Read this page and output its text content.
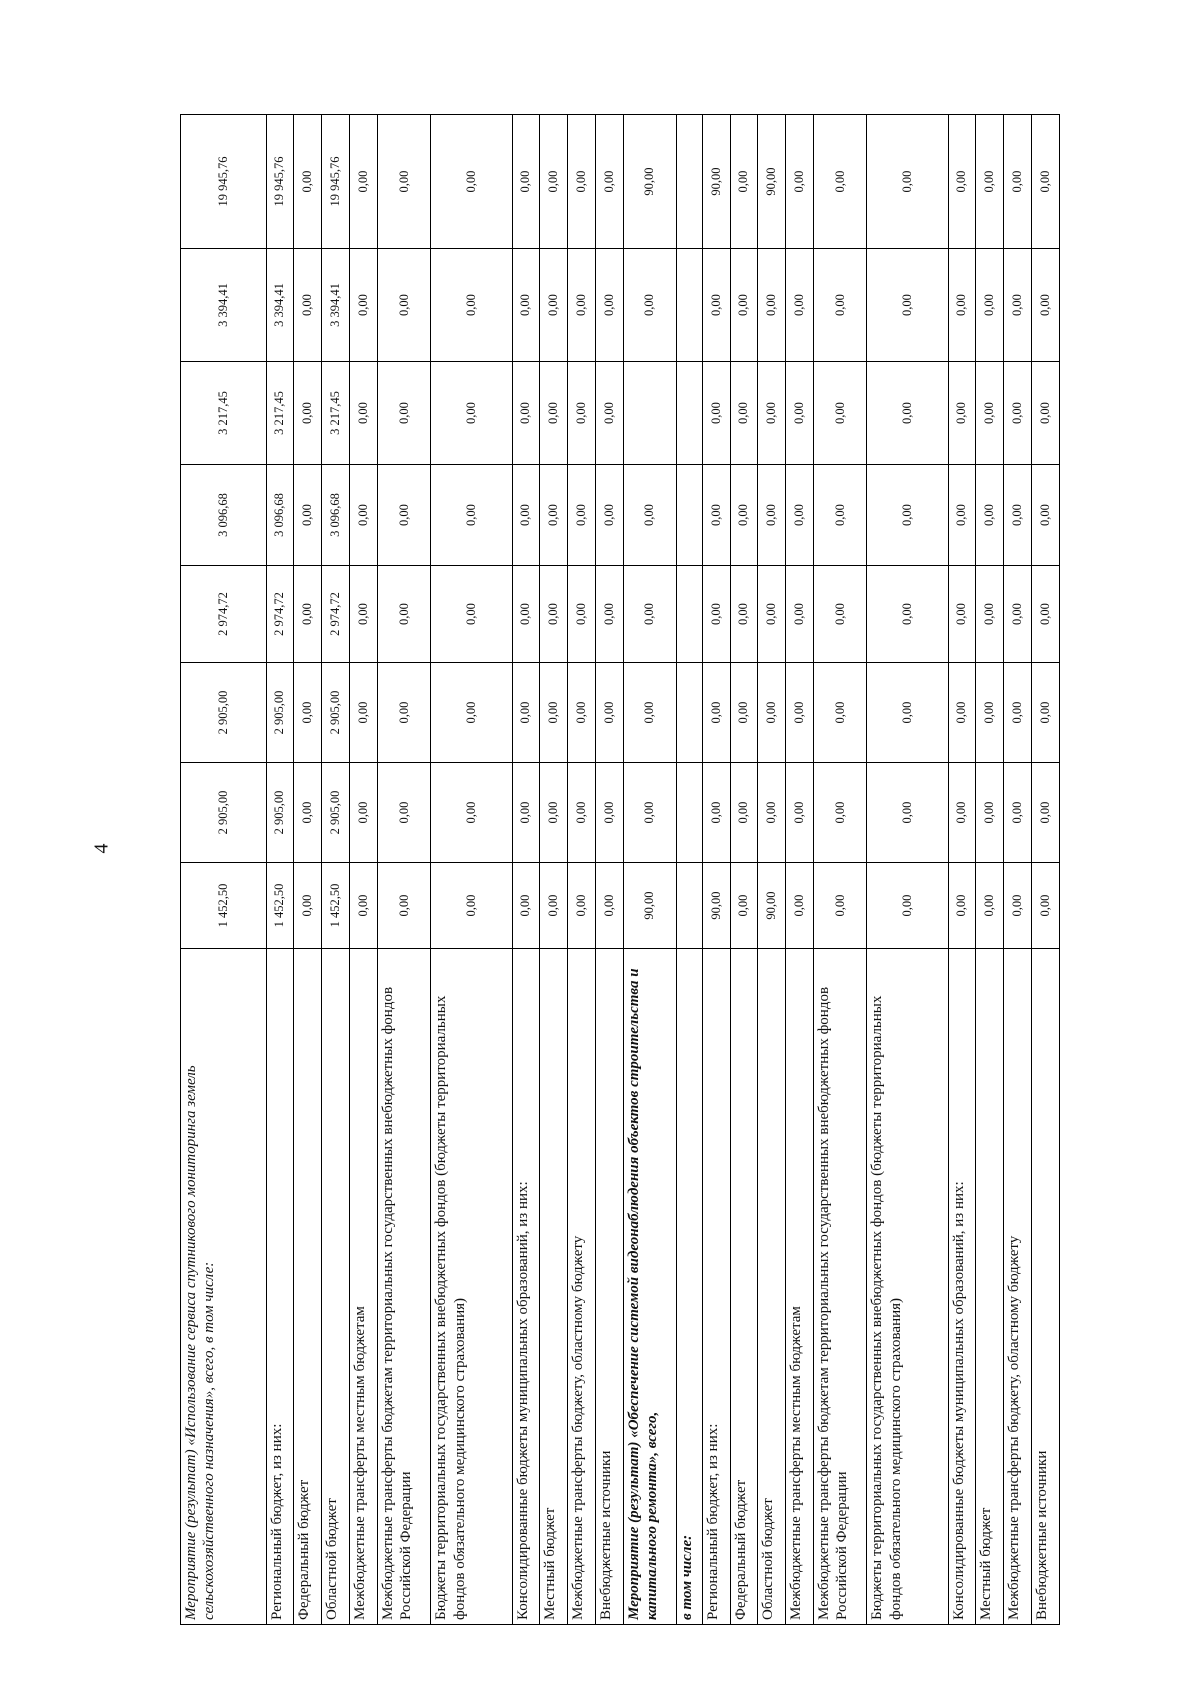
4
Мероприятие (результат) «Использование сервиса спутникового мониторинга земель сельскохозяйственного назначения», всего, в том числе:	1 452,50	2 905,00	2 905,00	2 974,72	3 096,68	3 217,45	3 394,41	19 945,76
Региональный бюджет, из них:	1 452,50	2 905,00	2 905,00	2 974,72	3 096,68	3 217,45	3 394,41	19 945,76
Федеральный бюджет	0,00	0,00	0,00	0,00	0,00	0,00	0,00	0,00
Областной бюджет	1 452,50	2 905,00	2 905,00	2 974,72	3 096,68	3 217,45	3 394,41	19 945,76
Межбюджетные трансферты местным бюджетам	0,00	0,00	0,00	0,00	0,00	0,00	0,00	0,00
Межбюджетные трансферты бюджетам территориальных государственных внебюджетных фондов Российской Федерации	0,00	0,00	0,00	0,00	0,00	0,00	0,00	0,00
Бюджеты территориальных государственных внебюджетных фондов (бюджеты территориальных фондов обязательного медицинского страхования)	0,00	0,00	0,00	0,00	0,00	0,00	0,00	0,00
Консолидированные бюджеты муниципальных образований, из них:	0,00	0,00	0,00	0,00	0,00	0,00	0,00	0,00
Местный бюджет	0,00	0,00	0,00	0,00	0,00	0,00	0,00	0,00
Межбюджетные трансферты бюджету, областному бюджету	0,00	0,00	0,00	0,00	0,00	0,00	0,00	0,00
Внебюджетные источники	0,00	0,00	0,00	0,00	0,00	0,00	0,00	0,00
Мероприятие (результат) «Обеспечение системой видеонаблюдения объектов строительства и капитального ремонта», всего,	90,00	0,00	0,00	0,00	0,00		0,00	90,00
в том числе:								
Региональный бюджет, из них:	90,00	0,00	0,00	0,00	0,00	0,00	0,00	90,00
Федеральный бюджет	0,00	0,00	0,00	0,00	0,00	0,00	0,00	0,00
Областной бюджет	90,00	0,00	0,00	0,00	0,00	0,00	0,00	90,00
Межбюджетные трансферты местным бюджетам	0,00	0,00	0,00	0,00	0,00	0,00	0,00	0,00
Межбюджетные трансферты бюджетам территориальных государственных внебюджетных фондов Российской Федерации	0,00	0,00	0,00	0,00	0,00	0,00	0,00	0,00
Бюджеты территориальных государственных внебюджетных фондов (бюджеты территориальных фондов обязательного медицинского страхования)	0,00	0,00	0,00	0,00	0,00	0,00	0,00	0,00
Консолидированные бюджеты муниципальных образований, из них:	0,00	0,00	0,00	0,00	0,00	0,00	0,00	0,00
Местный бюджет	0,00	0,00	0,00	0,00	0,00	0,00	0,00	0,00
Межбюджетные трансферты бюджету, областному бюджету	0,00	0,00	0,00	0,00	0,00	0,00	0,00	0,00
Внебюджетные источники	0,00	0,00	0,00	0,00	0,00	0,00	0,00	0,00
